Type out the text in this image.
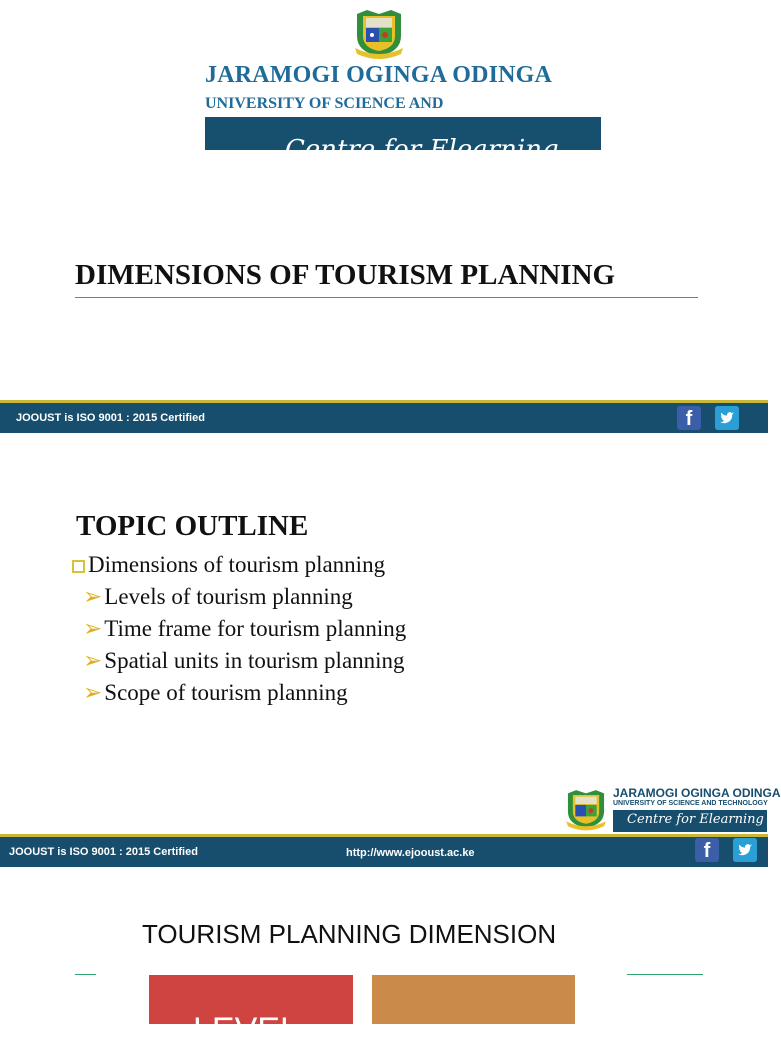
JARAMOGI OGINGA ODINGA
UNIVERSITY OF SCIENCE AND
Centre for Elearning
DIMENSIONS OF TOURISM PLANNING
JOOUST is ISO 9001 : 2015 Certified	f
TOPIC OUTLINE
Dimensions of tourism planning
➢Levels of tourism planning
➢Time frame for tourism planning
➢Spatial units in tourism planning
➢Scope of tourism planning
JARAMOGI OGINGA ODINGA
UNIVERSITY OF SCIENCE AND TECHNOLOGY
Centre for Elearning
JOOUST is ISO 9001 : 2015 Certified	http://www.ejooust.ac.ke	f
TOURISM PLANNING DIMENSION
LEVEL
